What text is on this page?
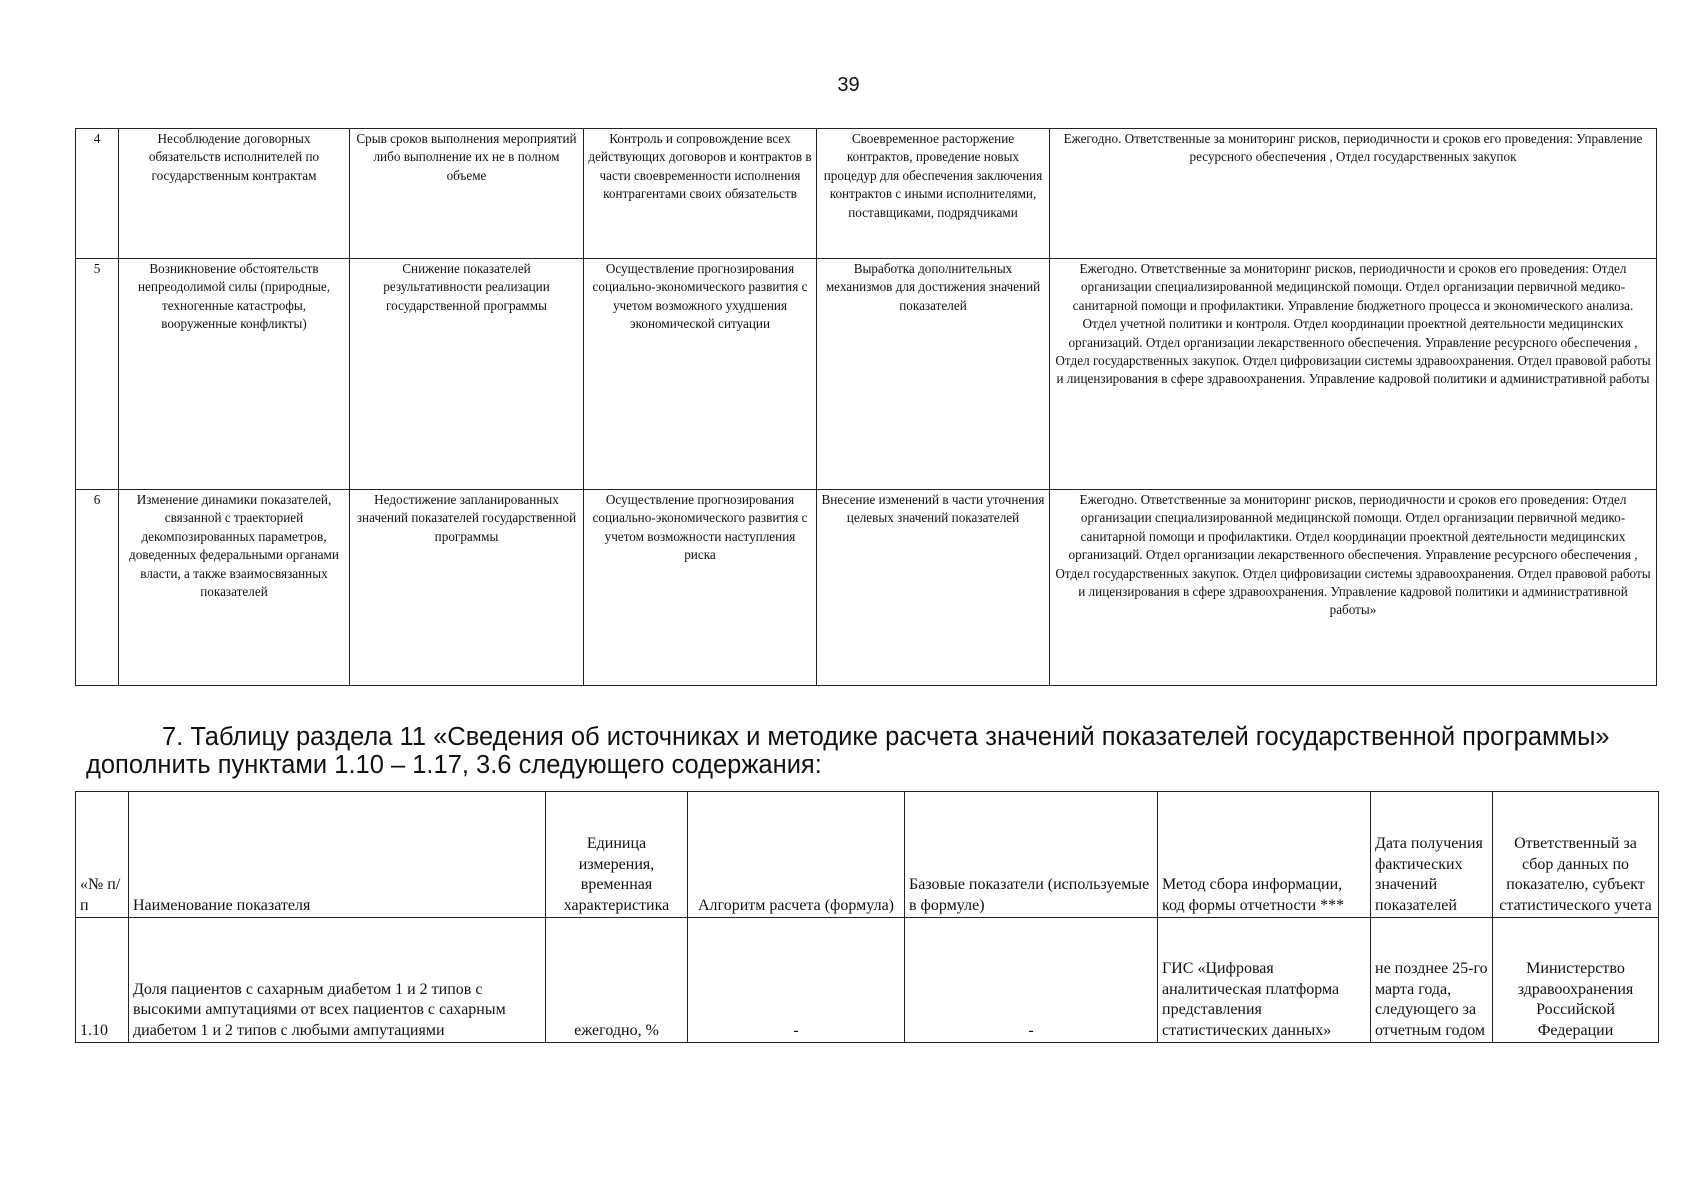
39
4	Несоблюдение договорных обязательств исполнителей по государственным контрактам	Срыв сроков выполнения мероприятий либо выполнение их не в полном объеме	Контроль и сопровождение всех действующих договоров и контрактов в части своевременности исполнения контрагентами своих обязательств	Своевременное расторжение контрактов, проведение новых процедур для обеспечения заключения контрактов с иными исполнителями, поставщиками, подрядчиками	Ежегодно. Ответственные за мониторинг рисков, периодичности и сроков его проведения: Управление ресурсного обеспечения , Отдел государственных закупок
5	Возникновение обстоятельств непреодолимой силы (природные, техногенные катастрофы, вооруженные конфликты)	Снижение показателей результативности реализации государственной программы	Осуществление прогнозирования социально-экономического развития с учетом возможного ухудшения экономической ситуации	Выработка дополнительных механизмов для достижения значений показателей	Ежегодно. Ответственные за мониторинг рисков, периодичности и сроков его проведения: Отдел организации специализированной медицинской помощи. Отдел организации первичной медико-санитарной помощи и профилактики. Управление бюджетного процесса и экономического анализа. Отдел учетной политики и контроля. Отдел координации проектной деятельности медицинских организаций. Отдел организации лекарственного обеспечения. Управление ресурсного обеспечения , Отдел государственных закупок. Отдел цифровизации системы здравоохранения. Отдел правовой работы и лицензирования в сфере здравоохранения. Управление кадровой политики и административной работы
6	Изменение динамики показателей, связанной с траекторией декомпозированных параметров, доведенных федеральными органами власти, а также взаимосвязанных показателей	Недостижение запланированных значений показателей государственной программы	Осуществление прогнозирования социально-экономического развития с учетом возможности наступления риска	Внесение изменений в части уточнения целевых значений показателей	Ежегодно. Ответственные за мониторинг рисков, периодичности и сроков его проведения: Отдел организации специализированной медицинской помощи. Отдел организации первичной медико-санитарной помощи и профилактики. Отдел координации проектной деятельности медицинских организаций. Отдел организации лекарственного обеспечения. Управление ресурсного обеспечения , Отдел государственных закупок. Отдел цифровизации системы здравоохранения. Отдел правовой работы и лицензирования в сфере здравоохранения. Управление кадровой политики и административной работы»

7. Таблицу раздела 11 «Сведения об источниках и методике расчета значений показателей государственной программы»
дополнить пунктами 1.10 – 1.17, 3.6 следующего содержания:

«№ п/п	Наименование показателя	Единица измерения, временная характеристика	Алгоритм расчета (формула)	Базовые показатели (используемые в формуле)	Метод сбора информации, код формы отчетности ***	Дата получения фактических значений показателей	Ответственный за сбор данных по показателю, субъект статистического учета
1.10	Доля пациентов с сахарным диабетом 1 и 2 типов с высокими ампутациями от всех пациентов с сахарным диабетом 1 и 2 типов с любыми ампутациями	ежегодно, %	-	-	ГИС «Цифровая аналитическая платформа представления статистических данных»	не позднее 25-го марта года, следующего за отчетным годом	Министерство здравоохранения Российской Федерации
